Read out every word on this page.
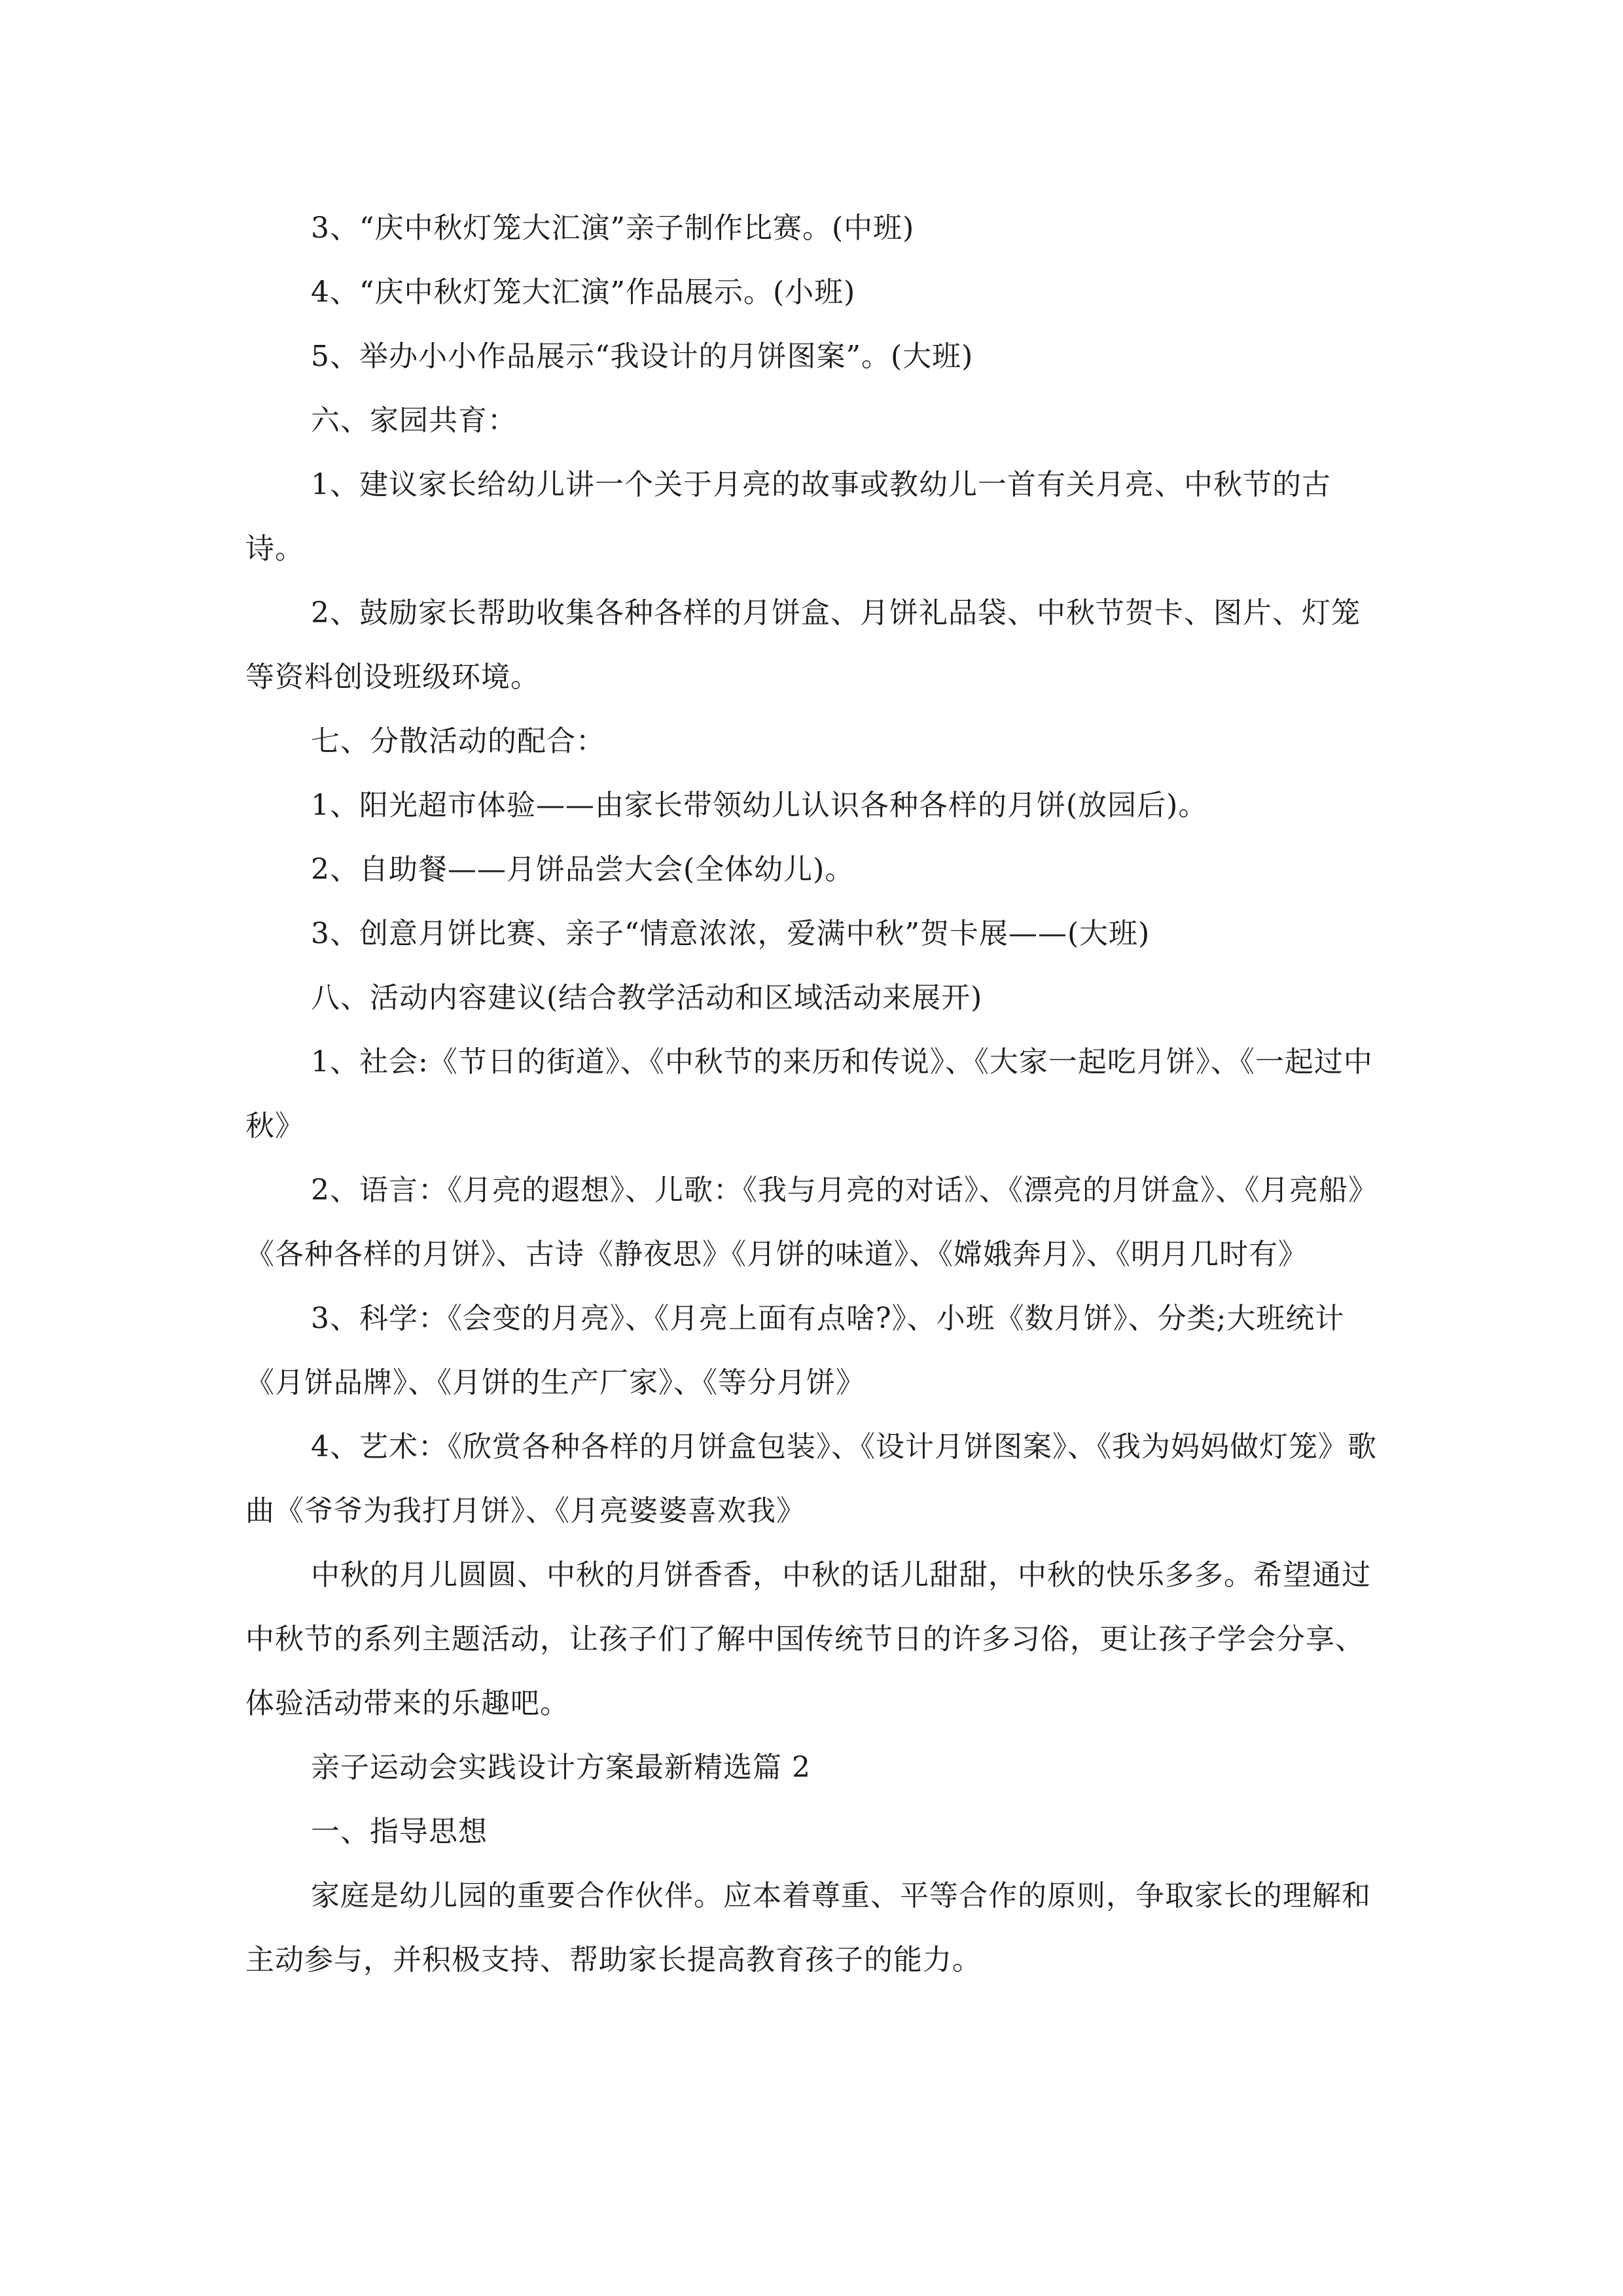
3、“庆中秋灯笼大汇演”亲子制作比赛。(中班)

4、“庆中秋灯笼大汇演”作品展示。(小班)

5、举办小小作品展示“我设计的月饼图案”。(大班)

六、家园共育：

1、建议家长给幼儿讲一个关于月亮的故事或教幼儿一首有关月亮、中秋节的古诗。

2、鼓励家长帮助收集各种各样的月饼盒、月饼礼品袋、中秋节贺卡、图片、灯笼等资料创设班级环境。

七、分散活动的配合：

1、阳光超市体验——由家长带领幼儿认识各种各样的月饼(放园后)。

2、自助餐——月饼品尝大会(全体幼儿)。

3、创意月饼比赛、亲子“情意浓浓，爱满中秋”贺卡展——(大班)

八、活动内容建议(结合教学活动和区域活动来展开)

1、社会:《节日的街道》、《中秋节的来历和传说》、《大家一起吃月饼》、《一起过中秋》

2、语言：《月亮的遐想》、儿歌：《我与月亮的对话》、《漂亮的月饼盒》、《月亮船》《各种各样的月饼》、古诗《静夜思》《月饼的味道》、《嫦娥奔月》、《明月几时有》

3、科学：《会变的月亮》、《月亮上面有点啥?》、小班《数月饼》、分类;大班统计《月饼品牌》、《月饼的生产厂家》、《等分月饼》

4、艺术：《欣赏各种各样的月饼盒包装》、《设计月饼图案》、《我为妈妈做灯笼》歌曲《爷爷为我打月饼》、《月亮婆婆喜欢我》

中秋的月儿圆圆、中秋的月饼香香，中秋的话儿甜甜，中秋的快乐多多。希望通过中秋节的系列主题活动，让孩子们了解中国传统节日的许多习俗，更让孩子学会分享、体验活动带来的乐趣吧。

亲子运动会实践设计方案最新精选篇 2

一、指导思想

家庭是幼儿园的重要合作伙伴。应本着尊重、平等合作的原则，争取家长的理解和主动参与，并积极支持、帮助家长提高教育孩子的能力。
